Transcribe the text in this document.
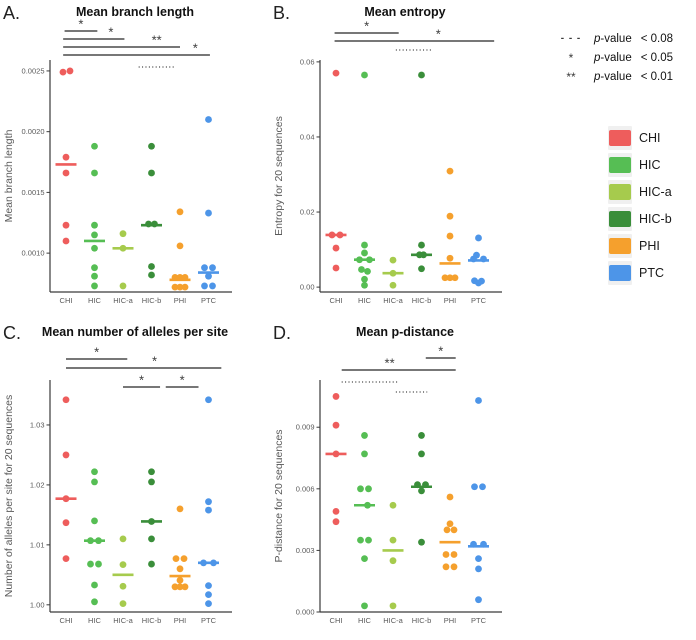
A.	Mean branch length
0.0010
0.0015
0.0020
0.0025
Mean branch length
CHI HIC HIC-a HIC-b PHI PTC
*
*
**
*
B.	Mean entropy
0.00
0.02
0.04
0.06
Entropy for 20 sequences
CHI HIC HIC-a HIC-b PHI PTC
*
*
C. Mean number of alleles per site
1.00
1.01
1.02
1.03
Number of alleles per site for 20 sequences
CHI HIC HIC-a HIC-b PHI PTC
*
*
*	*
D.	Mean p-distance
0.000
0.003
0.006
0.009
P-distance for 20 sequences
CHI HIC HIC-a HIC-b PHI PTC
*
**
- - -	p -value < 0.08
*	p -value < 0.05
**	p -value < 0.01
CHI
HIC
HIC-a
HIC-b
PHI
PTC
